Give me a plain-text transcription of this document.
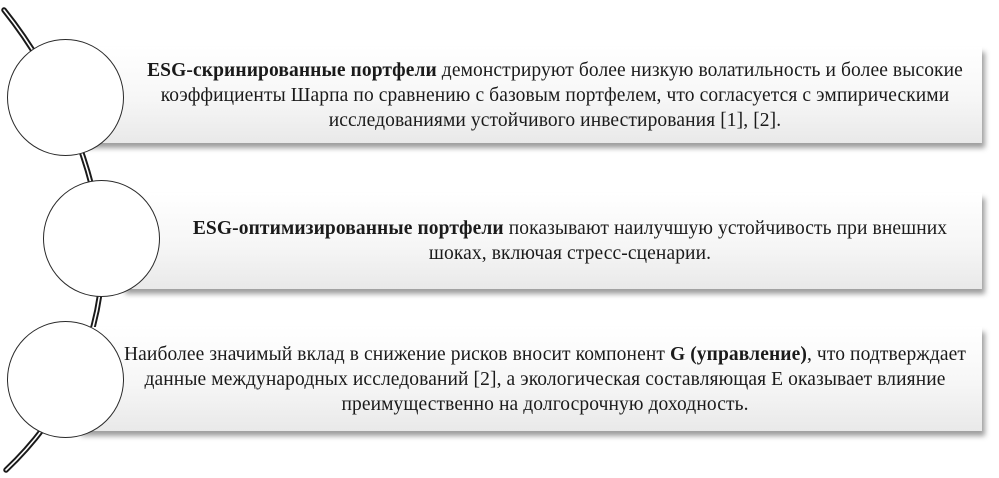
ESG-скринированные портфели демонстрируют более низкую волатильность и более высокие коэффициенты Шарпа по сравнению с базовым портфелем, что согласуется с эмпирическими исследованиями устойчивого инвестирования [1], [2].
ESG-оптимизированные портфели показывают наилучшую устойчивость при внешних шоках, включая стресс-сценарии.
Наиболее значимый вклад в снижение рисков вносит компонент G (управление), что подтверждает данные международных исследований [2], а экологическая составляющая Е оказывает влияние преимущественно на долгосрочную доходность.
